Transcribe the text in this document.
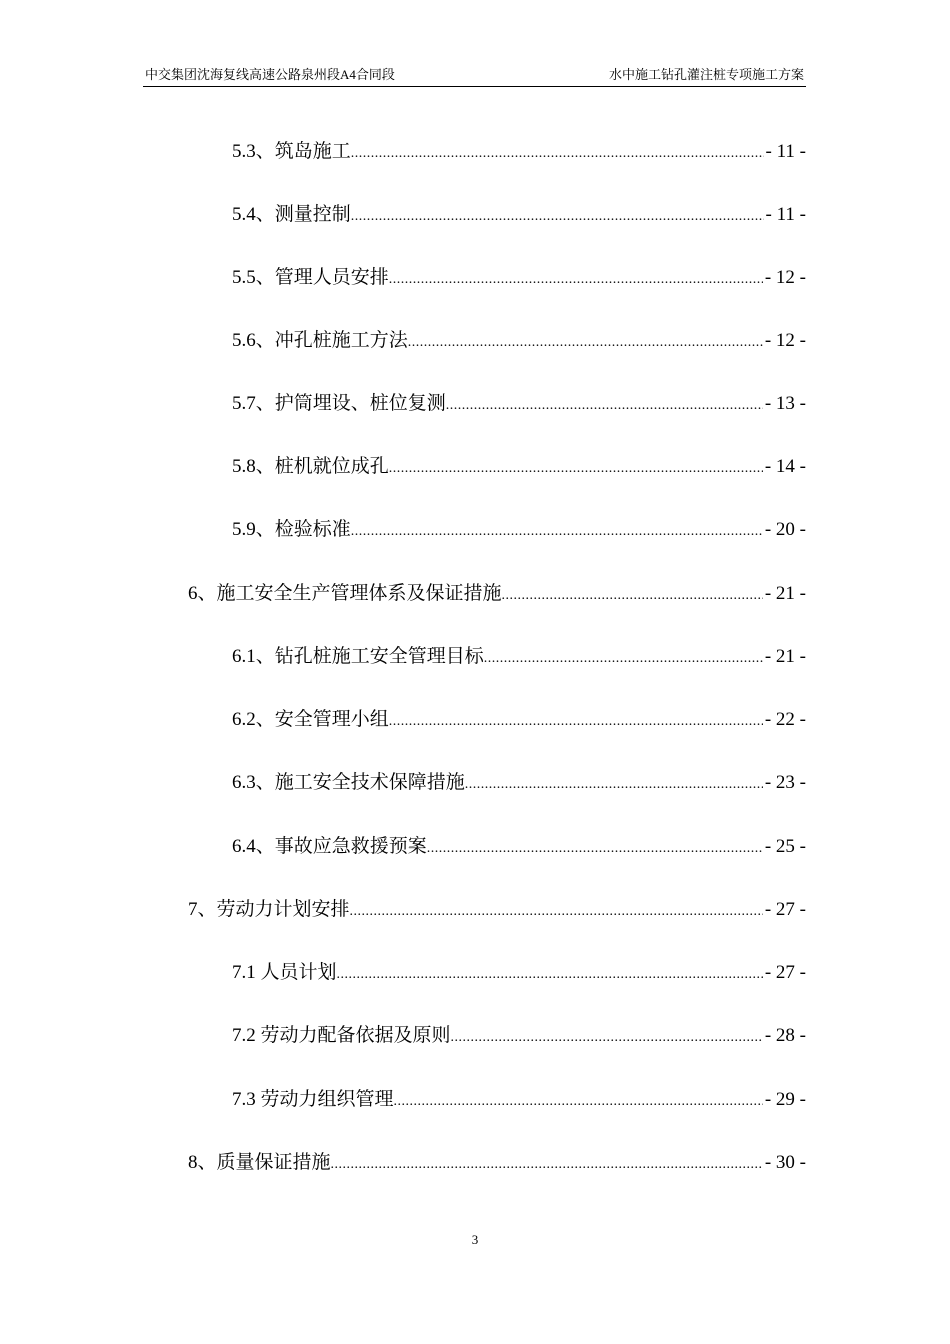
中交集团沈海复线高速公路泉州段A4合同段	水中施工钻孔灌注桩专项施工方案
5.3、筑岛施工 .....	- 11 -
5.4、测量控制 .....	- 11 -
5.5、管理人员安排 .....	- 12 -
5.6、冲孔桩施工方法 .....	- 12 -
5.7、护筒埋设、桩位复测 .....	- 13 -
5.8、桩机就位成孔 .....	- 14 -
5.9、检验标准 .....	- 20 -
6、施工安全生产管理体系及保证措施 .....	- 21 -
6.1、钻孔桩施工安全管理目标 .....	- 21 -
6.2、安全管理小组 .....	- 22 -
6.3、施工安全技术保障措施 .....	- 23 -
6.4、事故应急救援预案 .....	- 25 -
7、劳动力计划安排 .....	- 27 -
7.1 人员计划 .....	- 27 -
7.2 劳动力配备依据及原则 .....	- 28 -
7.3 劳动力组织管理 .....	- 29 -
8、质量保证措施 .....	- 30 -
3
